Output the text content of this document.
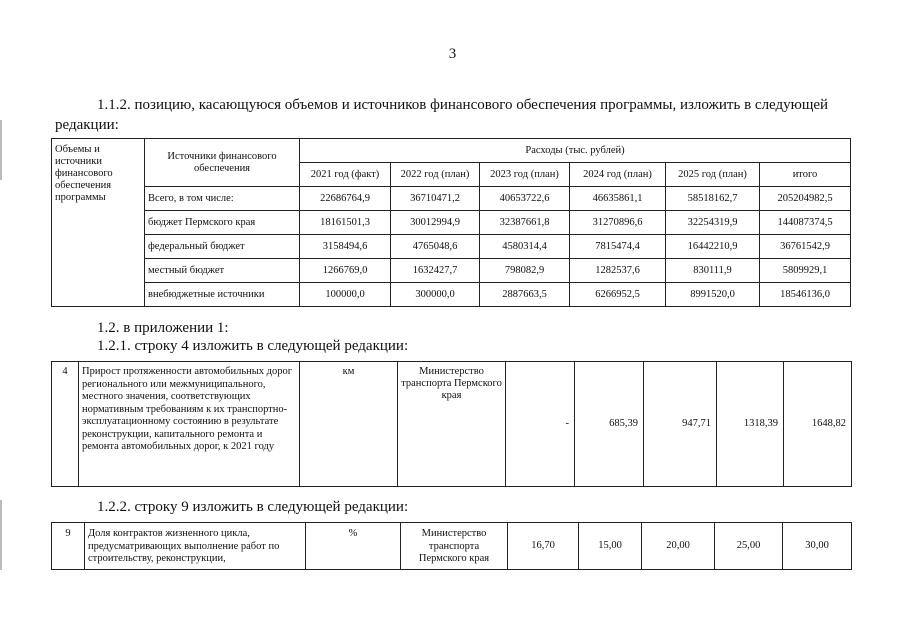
3
1.1.2. позицию, касающуюся объемов и источников финансового обеспечения программы, изложить в следующей
редакции:
Объемы и источники финансового обеспечения программы	Источники финансового обеспечения	Расходы (тыс. рублей)					
		2021 год (факт)	2022 год (план)	2023 год (план)	2024 год (план)	2025 год (план)	итого
	Всего, в том числе:	22686764,9	36710471,2	40653722,6	46635861,1	58518162,7	205204982,5
	бюджет Пермского края	18161501,3	30012994,9	32387661,8	31270896,6	32254319,9	144087374,5
	федеральный бюджет	3158494,6	4765048,6	4580314,4	7815474,4	16442210,9	36761542,9
	местный бюджет	1266769,0	1632427,7	798082,9	1282537,6	830111,9	5809929,1
	внебюджетные источники	100000,0	300000,0	2887663,5	6266952,5	8991520,0	18546136,0
1.2. в приложении 1:
1.2.1. строку 4 изложить в следующей редакции:
4	Прирост протяженности автомобильных дорог регионального или межмуниципального, местного значения, соответствующих нормативным требованиям к их транспортно-эксплуатационному состоянию в результате реконструкции, капитального ремонта и ремонта автомобильных дорог, к 2021 году	км	Министерство транспорта Пермского края	-	685,39	947,71	1318,39	1648,82
1.2.2. строку 9 изложить в следующей редакции:
9	Доля контрактов жизненного цикла, предусматривающих выполнение работ по строительству, реконструкции,	%	Министерство транспорта Пермского края	16,70	15,00	20,00	25,00	30,00
